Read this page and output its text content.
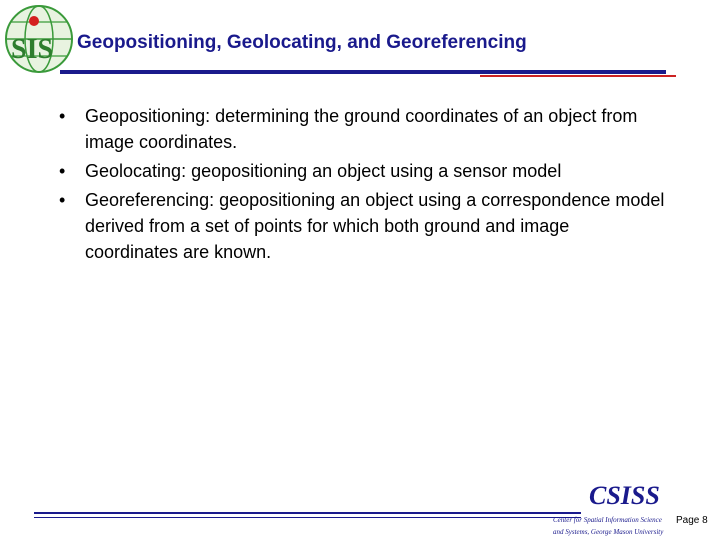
SIS Geopositioning, Geolocating, and Georeferencing
• Geopositioning: determining the ground coordinates of an object from image coordinates.
• Geolocating: geopositioning an object using a sensor model
• Georeferencing: geopositioning an object using a correspondence model derived from a set of points for which both ground and image coordinates are known.
CSISS
Center for Spatial Information Science
and Systems, George Mason University
Page 8
